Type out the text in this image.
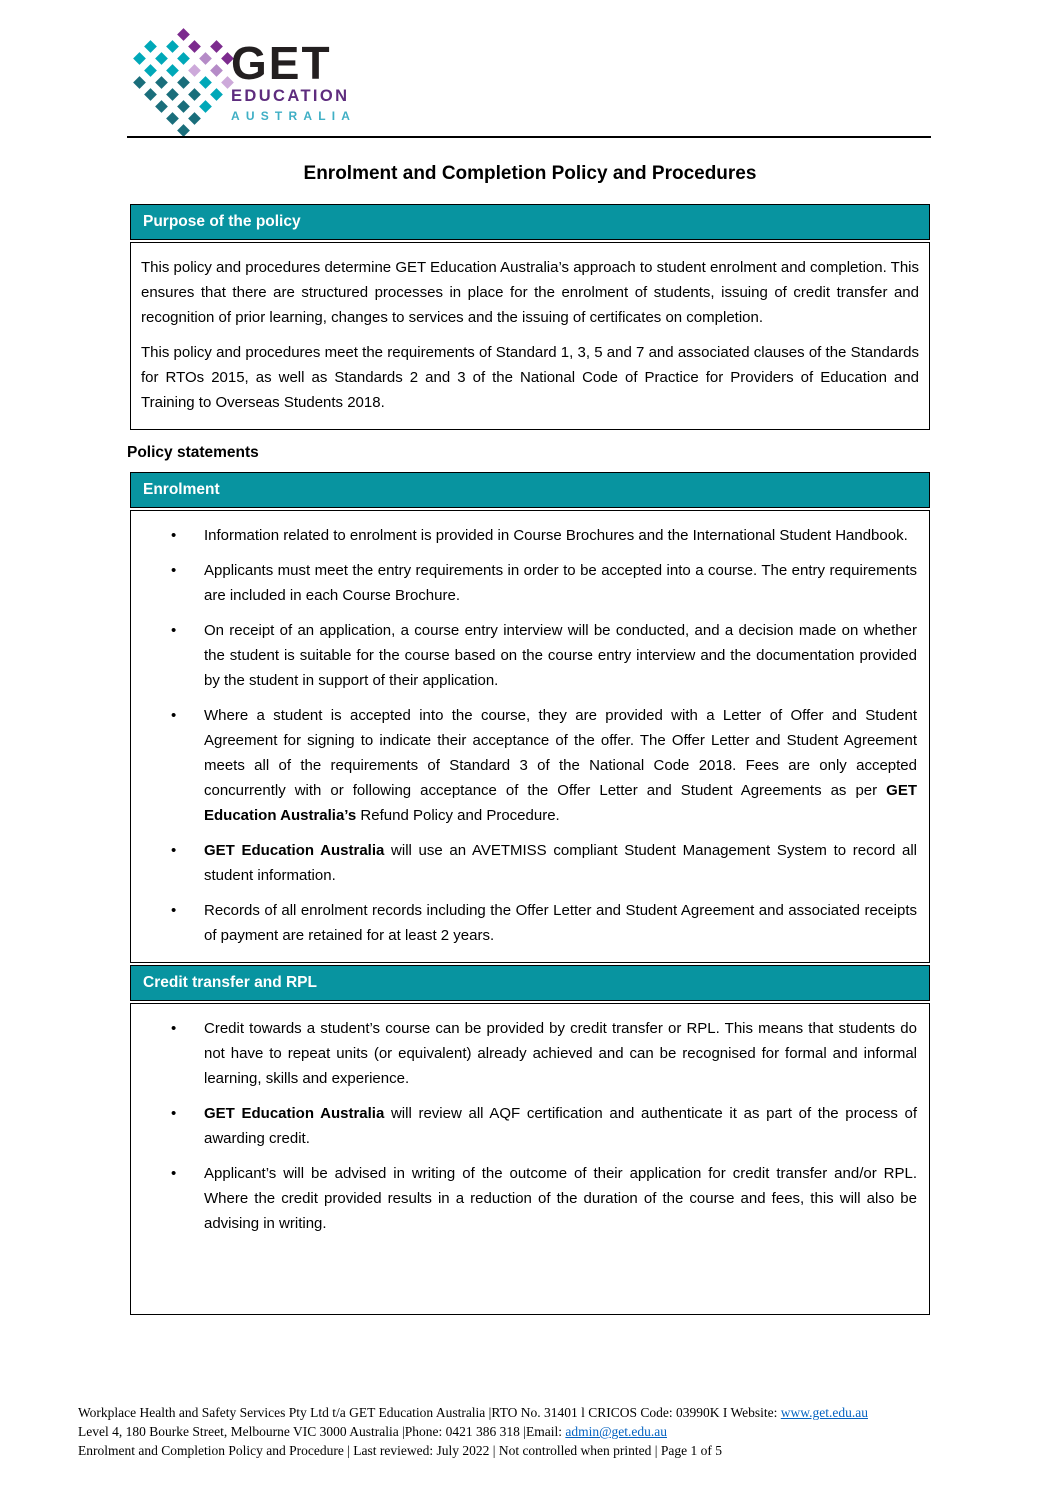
GET
EDUCATION
AUSTRALIA
Enrolment and Completion Policy and Procedures
Purpose of the policy

This policy and procedures determine GET Education Australia’s approach to student enrolment and completion. This ensures that there are structured processes in place for the enrolment of students, issuing of credit transfer and recognition of prior learning, changes to services and the issuing of certificates on completion.

This policy and procedures meet the requirements of Standard 1, 3, 5 and 7 and associated clauses of the Standards for RTOs 2015, as well as Standards 2 and 3 of the National Code of Practice for Providers of Education and Training to Overseas Students 2018.

Policy statements
Enrolment
•	Information related to enrolment is provided in Course Brochures and the International Student Handbook.
•	Applicants must meet the entry requirements in order to be accepted into a course. The entry requirements are included in each Course Brochure.
•	On receipt of an application, a course entry interview will be conducted, and a decision made on whether the student is suitable for the course based on the course entry interview and the documentation provided by the student in support of their application.
•	Where a student is accepted into the course, they are provided with a Letter of Offer and Student Agreement for signing to indicate their acceptance of the offer. The Offer Letter and Student Agreement meets all of the requirements of Standard 3 of the National Code 2018. Fees are only accepted concurrently with or following acceptance of the Offer Letter and Student Agreements as per GET Education Australia’s Refund Policy and Procedure.
•	GET Education Australia will use an AVETMISS compliant Student Management System to record all student information.
•	Records of all enrolment records including the Offer Letter and Student Agreement and associated receipts of payment are retained for at least 2 years.
Credit transfer and RPL
•	Credit towards a student’s course can be provided by credit transfer or RPL. This means that students do not have to repeat units (or equivalent) already achieved and can be recognised for formal and informal learning, skills and experience.
•	GET Education Australia will review all AQF certification and authenticate it as part of the process of awarding credit.
•	Applicant’s will be advised in writing of the outcome of their application for credit transfer and/or RPL. Where the credit provided results in a reduction of the duration of the course and fees, this will also be advising in writing.
Workplace Health and Safety Services Pty Ltd t/a GET Education Australia |RTO No. 31401 l CRICOS Code: 03990K I Website: www.get.edu.au
Level 4, 180 Bourke Street, Melbourne VIC 3000 Australia |Phone: 0421 386 318 |Email: admin@get.edu.au
Enrolment and Completion Policy and Procedure | Last reviewed: July 2022 | Not controlled when printed | Page 1 of 5
